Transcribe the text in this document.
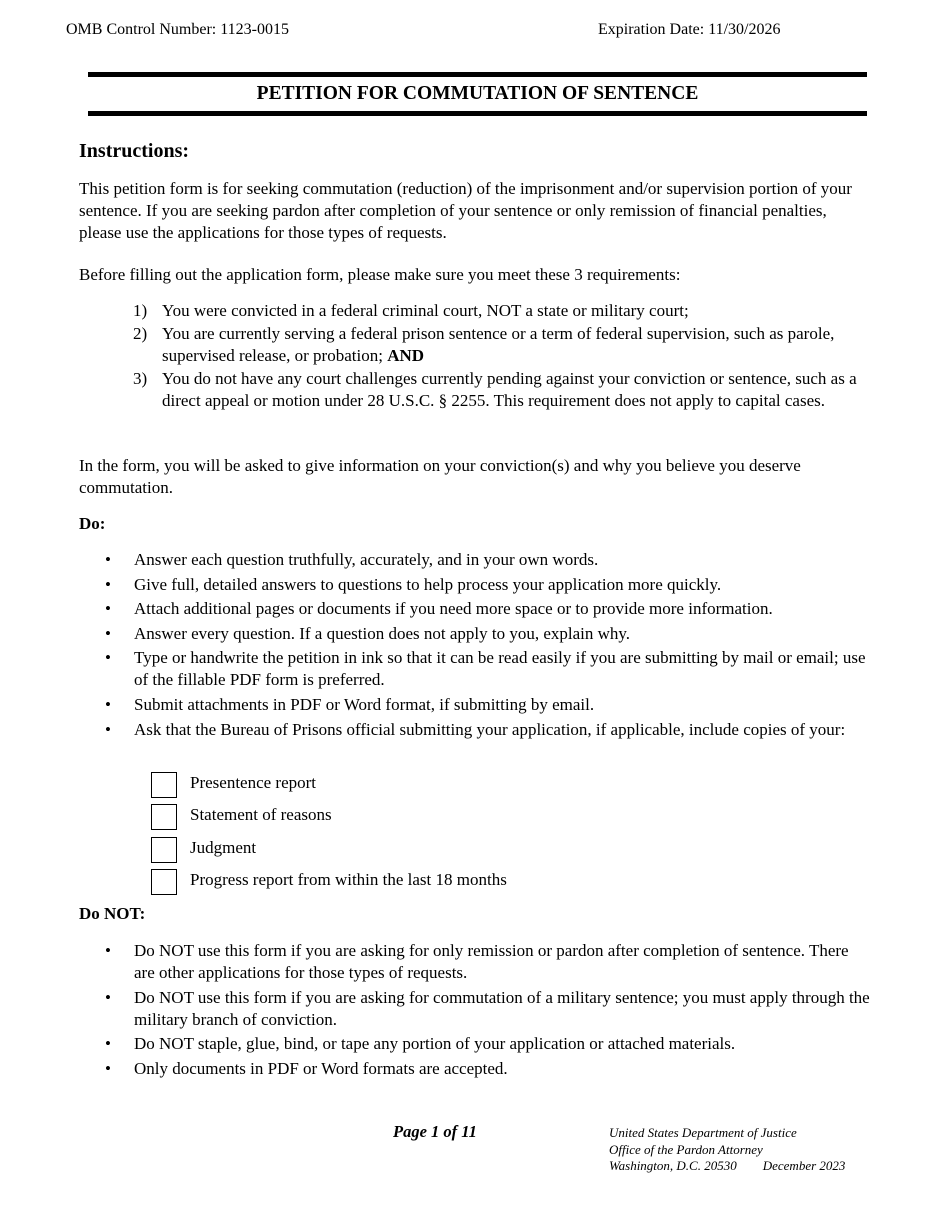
OMB Control Number: 1123-0015	Expiration Date: 11/30/2026
PETITION FOR COMMUTATION OF SENTENCE
Instructions:
This petition form is for seeking commutation (reduction) of the imprisonment and/or supervision portion of your sentence. If you are seeking pardon after completion of your sentence or only remission of financial penalties, please use the applications for those types of requests.
Before filling out the application form, please make sure you meet these 3 requirements:
1) You were convicted in a federal criminal court, NOT a state or military court;
2) You are currently serving a federal prison sentence or a term of federal supervision, such as parole, supervised release, or probation; AND
3) You do not have any court challenges currently pending against your conviction or sentence, such as a direct appeal or motion under 28 U.S.C. § 2255. This requirement does not apply to capital cases.
In the form, you will be asked to give information on your conviction(s) and why you believe you deserve commutation.
Do:
• Answer each question truthfully, accurately, and in your own words.
• Give full, detailed answers to questions to help process your application more quickly.
• Attach additional pages or documents if you need more space or to provide more information.
• Answer every question. If a question does not apply to you, explain why.
• Type or handwrite the petition in ink so that it can be read easily if you are submitting by mail or email; use of the fillable PDF form is preferred.
• Submit attachments in PDF or Word format, if submitting by email.
• Ask that the Bureau of Prisons official submitting your application, if applicable, include copies of your:
Presentence report
Statement of reasons
Judgment
Progress report from within the last 18 months
Do NOT:
• Do NOT use this form if you are asking for only remission or pardon after completion of sentence. There are other applications for those types of requests.
• Do NOT use this form if you are asking for commutation of a military sentence; you must apply through the military branch of conviction.
• Do NOT staple, glue, bind, or tape any portion of your application or attached materials.
• Only documents in PDF or Word formats are accepted.
Page 1 of 11	United States Department of Justice
Office of the Pardon Attorney
Washington, D.C. 20530 December 2023
